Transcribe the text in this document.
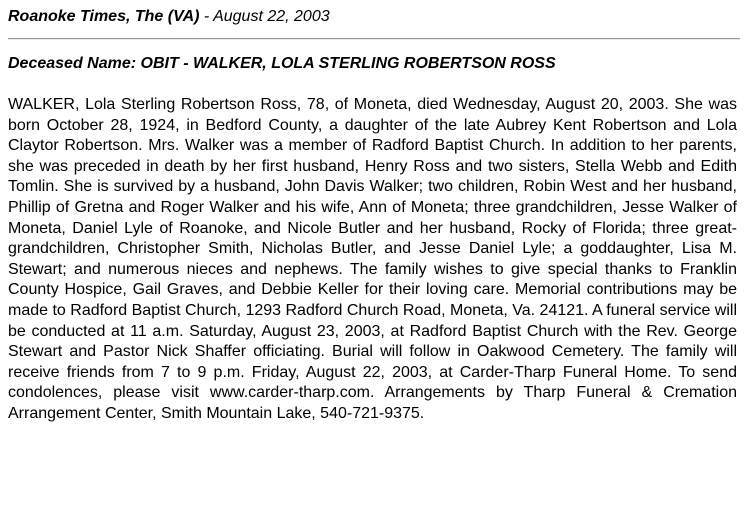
Roanoke Times, The (VA) - August 22, 2003
Deceased Name: OBIT - WALKER, LOLA STERLING ROBERTSON ROSS

WALKER, Lola Sterling Robertson Ross, 78, of Moneta, died Wednesday, August 20, 2003. She was born October 28, 1924, in Bedford County, a daughter of the late Aubrey Kent Robertson and Lola Claytor Robertson. Mrs. Walker was a member of Radford Baptist Church. In addition to her parents, she was preceded in death by her first husband, Henry Ross and two sisters, Stella Webb and Edith Tomlin. She is survived by a husband, John Davis Walker; two children, Robin West and her husband, Phillip of Gretna and Roger Walker and his wife, Ann of Moneta; three grandchildren, Jesse Walker of Moneta, Daniel Lyle of Roanoke, and Nicole Butler and her husband, Rocky of Florida; three great-grandchildren, Christopher Smith, Nicholas Butler, and Jesse Daniel Lyle; a goddaughter, Lisa M. Stewart; and numerous nieces and nephews. The family wishes to give special thanks to Franklin County Hospice, Gail Graves, and Debbie Keller for their loving care. Memorial contributions may be made to Radford Baptist Church, 1293 Radford Church Road, Moneta, Va. 24121. A funeral service will be conducted at 11 a.m. Saturday, August 23, 2003, at Radford Baptist Church with the Rev. George Stewart and Pastor Nick Shaffer officiating. Burial will follow in Oakwood Cemetery. The family will receive friends from 7 to 9 p.m. Friday, August 22, 2003, at Carder-Tharp Funeral Home. To send condolences, please visit www.carder-tharp.com. Arrangements by Tharp Funeral & Cremation Arrangement Center, Smith Mountain Lake, 540-721-9375.
